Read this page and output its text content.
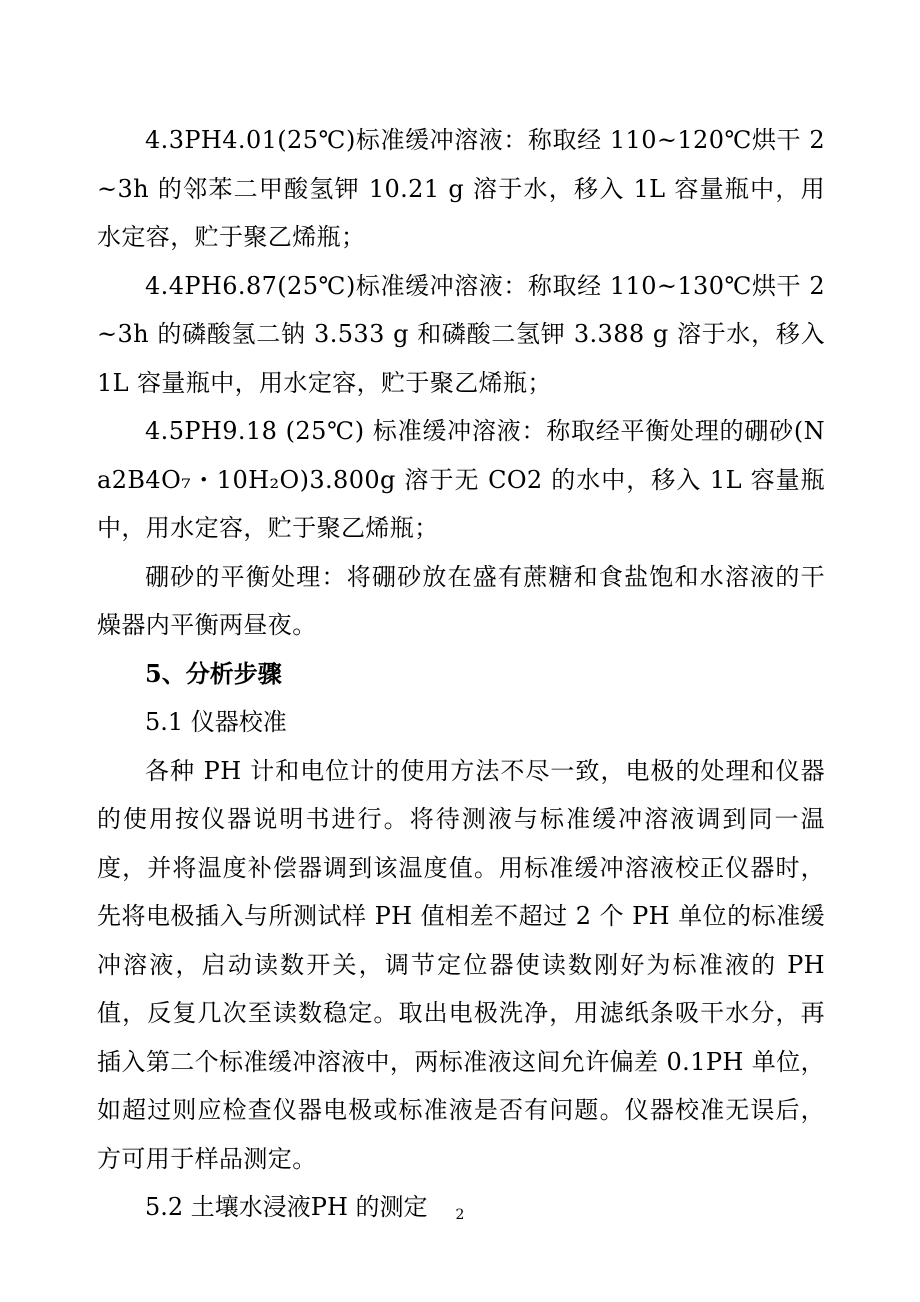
4.3PH4.01(25℃)标准缓冲溶液：称取经 110~120℃烘干 2~3h 的邻苯二甲酸氢钾 10.21 g 溶于水，移入 1L 容量瓶中，用水定容，贮于聚乙烯瓶；

4.4PH6.87(25℃)标准缓冲溶液：称取经 110~130℃烘干 2~3h 的磷酸氢二钠 3.533 g 和磷酸二氢钾 3.388 g 溶于水，移入 1L 容量瓶中，用水定容，贮于聚乙烯瓶；

4.5PH9.18 (25℃) 标准缓冲溶液：称取经平衡处理的硼砂(Na2B4O₇・10H₂O)3.800g 溶于无 CO2 的水中，移入 1L 容量瓶中，用水定容，贮于聚乙烯瓶；

硼砂的平衡处理：将硼砂放在盛有蔗糖和食盐饱和水溶液的干燥器内平衡两昼夜。

5、分析步骤

5.1 仪器校准

各种 PH 计和电位计的使用方法不尽一致，电极的处理和仪器的使用按仪器说明书进行。将待测液与标准缓冲溶液调到同一温度，并将温度补偿器调到该温度值。用标准缓冲溶液校正仪器时，先将电极插入与所测试样 PH 值相差不超过 2 个 PH 单位的标准缓冲溶液，启动读数开关，调节定位器使读数刚好为标准液的 PH 值，反复几次至读数稳定。取出电极洗净，用滤纸条吸干水分，再插入第二个标准缓冲溶液中，两标准液这间允许偏差 0.1PH 单位，如超过则应检查仪器电极或标准液是否有问题。仪器校准无误后，方可用于样品测定。

5.2 土壤水浸液PH 的测定	2
